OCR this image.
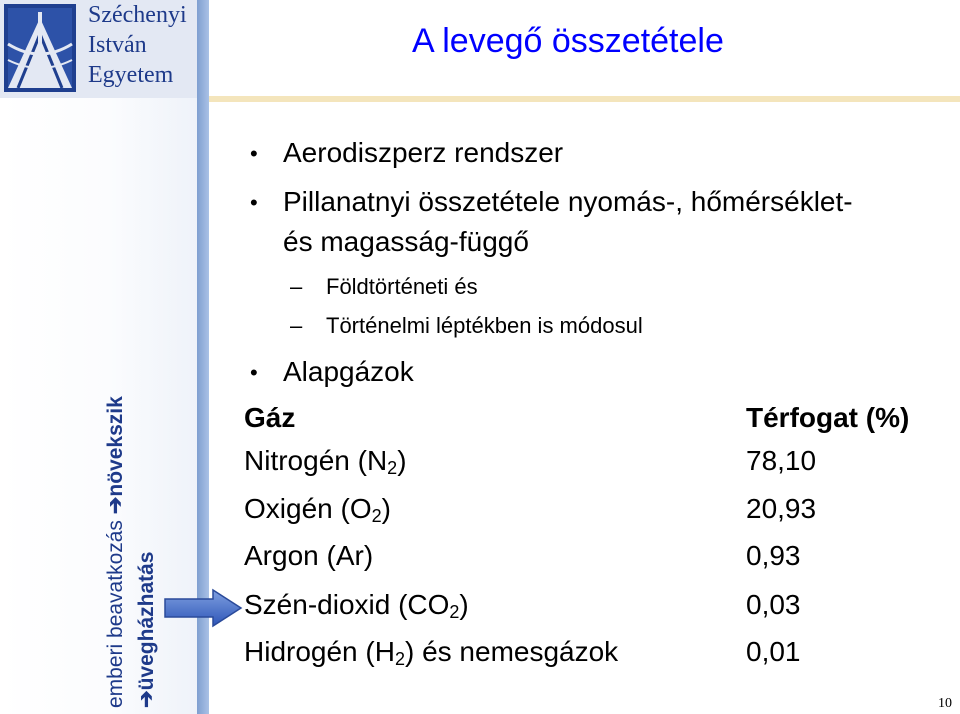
Széchenyi
István
Egyetem
A levegő összetétele
emberi beavatkozás ➔növekszik
➔üvegházhatás
• Aerodiszperz rendszer
• Pillanatnyi összetétele nyomás-, hőmérséklet-
és magasság-függő
– Földtörténeti és
– Történelmi léptékben is módosul
• Alapgázok
Gáz	Térfogat (%)
Nitrogén $(N_2)$	78,10
Oxigén $(O_2)$	20,93
Argon (Ar)	0,93
Szén-dioxid $(CO_2)$	0,03
Hidrogén $(H_2)$ és nemesgázok	0,01
10
